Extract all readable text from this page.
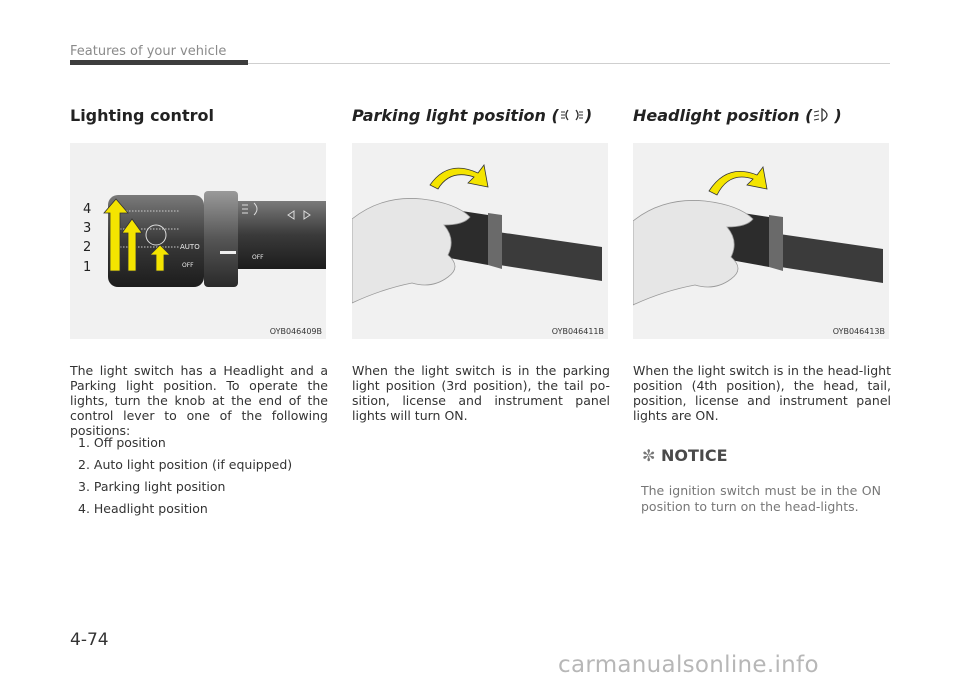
Features of your vehicle
Lighting control
AUTO
OFF
OFF
4
3
2
1
OYB046409B
The light switch has a Headlight and a Parking light position. To operate the lights, turn the knob at the end of the control lever to one of the following positions:
1. Off position
2. Auto light position (if equipped)
3. Parking light position
4. Headlight position
Parking light position ( )
OYB046411B
When the light switch is in the parking light position (3rd position), the tail po-sition, license and instrument panel lights will turn ON.
Headlight position ( )
OYB046413B
When the light switch is in the head-light position (4th position), the head, tail, position, license and instrument panel lights are ON.
✼ NOTICE
The ignition switch must be in the ON position to turn on the head-lights.
4-74
carmanualsonline.info
